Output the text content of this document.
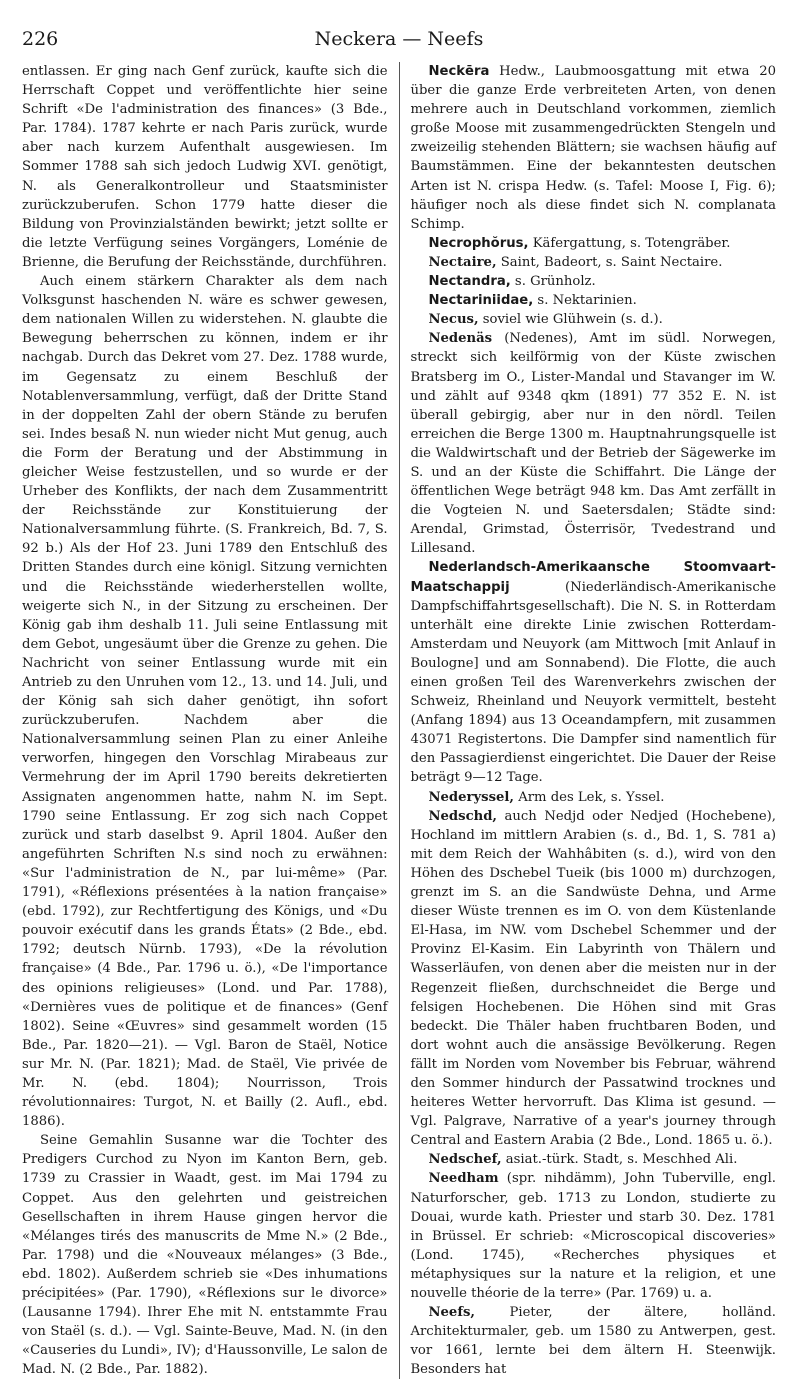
226	Neckera — Neefs

entlassen. Er ging nach Genf zurück, kaufte sich die Herrschaft Coppet und veröffentlichte hier seine Schrift «De l'administration des finances» (3 Bde., Par. 1784). 1787 kehrte er nach Paris zurück, wurde aber nach kurzem Aufenthalt ausgewiesen. Im Sommer 1788 sah sich jedoch Ludwig XVI. genötigt, N. als Generalkontrolleur und Staatsminister zurückzuberufen. Schon 1779 hatte dieser die Bildung von Provinzialständen bewirkt; jetzt sollte er die letzte Verfügung seines Vorgängers, Loménie de Brienne, die Berufung der Reichsstände, durchführen.

Auch einem stärkern Charakter als dem nach Volksgunst haschenden N. wäre es schwer gewesen, dem nationalen Willen zu widerstehen. N. glaubte die Bewegung beherrschen zu können, indem er ihr nachgab. Durch das Dekret vom 27. Dez. 1788 wurde, im Gegensatz zu einem Beschluß der Notablenversammlung, verfügt, daß der Dritte Stand in der doppelten Zahl der obern Stände zu berufen sei. Indes besaß N. nun wieder nicht Mut genug, auch die Form der Beratung und der Abstimmung in gleicher Weise festzustellen, und so wurde er der Urheber des Konflikts, der nach dem Zusammentritt der Reichsstände zur Konstituierung der Nationalversammlung führte. (S. Frankreich, Bd. 7, S. 92 b.) Als der Hof 23. Juni 1789 den Entschluß des Dritten Standes durch eine königl. Sitzung vernichten und die Reichsstände wiederherstellen wollte, weigerte sich N., in der Sitzung zu erscheinen. Der König gab ihm deshalb 11. Juli seine Entlassung mit dem Gebot, ungesäumt über die Grenze zu gehen. Die Nachricht von seiner Entlassung wurde mit ein Antrieb zu den Unruhen vom 12., 13. und 14. Juli, und der König sah sich daher genötigt, ihn sofort zurückzuberufen. Nachdem aber die Nationalversammlung seinen Plan zu einer Anleihe verworfen, hingegen den Vorschlag Mirabeaus zur Vermehrung der im April 1790 bereits dekretierten Assignaten angenommen hatte, nahm N. im Sept. 1790 seine Entlassung. Er zog sich nach Coppet zurück und starb daselbst 9. April 1804. Außer den angeführten Schriften N.s sind noch zu erwähnen: «Sur l'administration de N., par lui-même» (Par. 1791), «Réflexions présentées à la nation française» (ebd. 1792), zur Rechtfertigung des Königs, und «Du pouvoir exécutif dans les grands États» (2 Bde., ebd. 1792; deutsch Nürnb. 1793), «De la révolution française» (4 Bde., Par. 1796 u. ö.), «De l'importance des opinions religieuses» (Lond. und Par. 1788), «Dernières vues de politique et de finances» (Genf 1802). Seine «Œuvres» sind gesammelt worden (15 Bde., Par. 1820—21). — Vgl. Baron de Staël, Notice sur Mr. N. (Par. 1821); Mad. de Staël, Vie privée de Mr. N. (ebd. 1804); Nourrisson, Trois révolutionnaires: Turgot, N. et Bailly (2. Aufl., ebd. 1886).

Seine Gemahlin Susanne war die Tochter des Predigers Curchod zu Nyon im Kanton Bern, geb. 1739 zu Crassier in Waadt, gest. im Mai 1794 zu Coppet. Aus den gelehrten und geistreichen Gesellschaften in ihrem Hause gingen hervor die «Mélanges tirés des manuscrits de Mme N.» (2 Bde., Par. 1798) und die «Nouveaux mélanges» (3 Bde., ebd. 1802). Außerdem schrieb sie «Des inhumations précipitées» (Par. 1790), «Réflexions sur le divorce» (Lausanne 1794). Ihrer Ehe mit N. entstammte Frau von Staël (s. d.). — Vgl. Sainte-Beuve, Mad. N. (in den «Causeries du Lundi», IV); d'Haussonville, Le salon de Mad. N. (2 Bde., Par. 1882).

Neckēra Hedw., Laubmoosgattung mit etwa 20 über die ganze Erde verbreiteten Arten, von denen mehrere auch in Deutschland vorkommen, ziemlich große Moose mit zusammengedrückten Stengeln und zweizeilig stehenden Blättern; sie wachsen häufig auf Baumstämmen. Eine der bekanntesten deutschen Arten ist N. crispa Hedw. (s. Tafel: Moose I, Fig. 6); häufiger noch als diese findet sich N. complanata Schimp.

Necrophŏrus, Käfergattung, s. Totengräber.

Nectaire, Saint, Badeort, s. Saint Nectaire.

Nectandra, s. Grünholz.

Nectariniidae, s. Nektarinien.

Necus, soviel wie Glühwein (s. d.).

Nedenäs (Nedenes), Amt im südl. Norwegen, streckt sich keilförmig von der Küste zwischen Bratsberg im O., Lister-Mandal und Stavanger im W. und zählt auf 9348 qkm (1891) 77 352 E. N. ist überall gebirgig, aber nur in den nördl. Teilen erreichen die Berge 1300 m. Hauptnahrungsquelle ist die Waldwirtschaft und der Betrieb der Sägewerke im S. und an der Küste die Schiffahrt. Die Länge der öffentlichen Wege beträgt 948 km. Das Amt zerfällt in die Vogteien N. und Saetersdalen; Städte sind: Arendal, Grimstad, Österrisör, Tvedestrand und Lillesand.

Nederlandsch-Amerikaansche Stoomvaart-Maatschappij (Niederländisch-Amerikanische Dampfschiffahrtsgesellschaft). Die N. S. in Rotterdam unterhält eine direkte Linie zwischen Rotterdam-Amsterdam und Neuyork (am Mittwoch [mit Anlauf in Boulogne] und am Sonnabend). Die Flotte, die auch einen großen Teil des Warenverkehrs zwischen der Schweiz, Rheinland und Neuyork vermittelt, besteht (Anfang 1894) aus 13 Oceandampfern, mit zusammen 43071 Registertons. Die Dampfer sind namentlich für den Passagierdienst eingerichtet. Die Dauer der Reise beträgt 9—12 Tage.

Nederyssel, Arm des Lek, s. Yssel.

Nedschd, auch Nedjd oder Nedjed (Hochebene), Hochland im mittlern Arabien (s. d., Bd. 1, S. 781 a) mit dem Reich der Wahhâbiten (s. d.), wird von den Höhen des Dschebel Tueik (bis 1000 m) durchzogen, grenzt im S. an die Sandwüste Dehna, und Arme dieser Wüste trennen es im O. von dem Küstenlande El-Hasa, im NW. vom Dschebel Schemmer und der Provinz El-Kasim. Ein Labyrinth von Thälern und Wasserläufen, von denen aber die meisten nur in der Regenzeit fließen, durchschneidet die Berge und felsigen Hochebenen. Die Höhen sind mit Gras bedeckt. Die Thäler haben fruchtbaren Boden, und dort wohnt auch die ansässige Bevölkerung. Regen fällt im Norden vom November bis Februar, während den Sommer hindurch der Passatwind trocknes und heiteres Wetter hervorruft. Das Klima ist gesund. — Vgl. Palgrave, Narrative of a year's journey through Central and Eastern Arabia (2 Bde., Lond. 1865 u. ö.).

Nedschef, asiat.-türk. Stadt, s. Meschhed Ali.

Needham (spr. nihdämm), John Tuberville, engl. Naturforscher, geb. 1713 zu London, studierte zu Douai, wurde kath. Priester und starb 30. Dez. 1781 in Brüssel. Er schrieb: «Microscopical discoveries» (Lond. 1745), «Recherches physiques et métaphysiques sur la nature et la religion, et une nouvelle théorie de la terre» (Par. 1769) u. a.

Neefs, Pieter, der ältere, holländ. Architekturmaler, geb. um 1580 zu Antwerpen, gest. vor 1661, lernte bei dem ältern H. Steenwijk. Besonders hat
